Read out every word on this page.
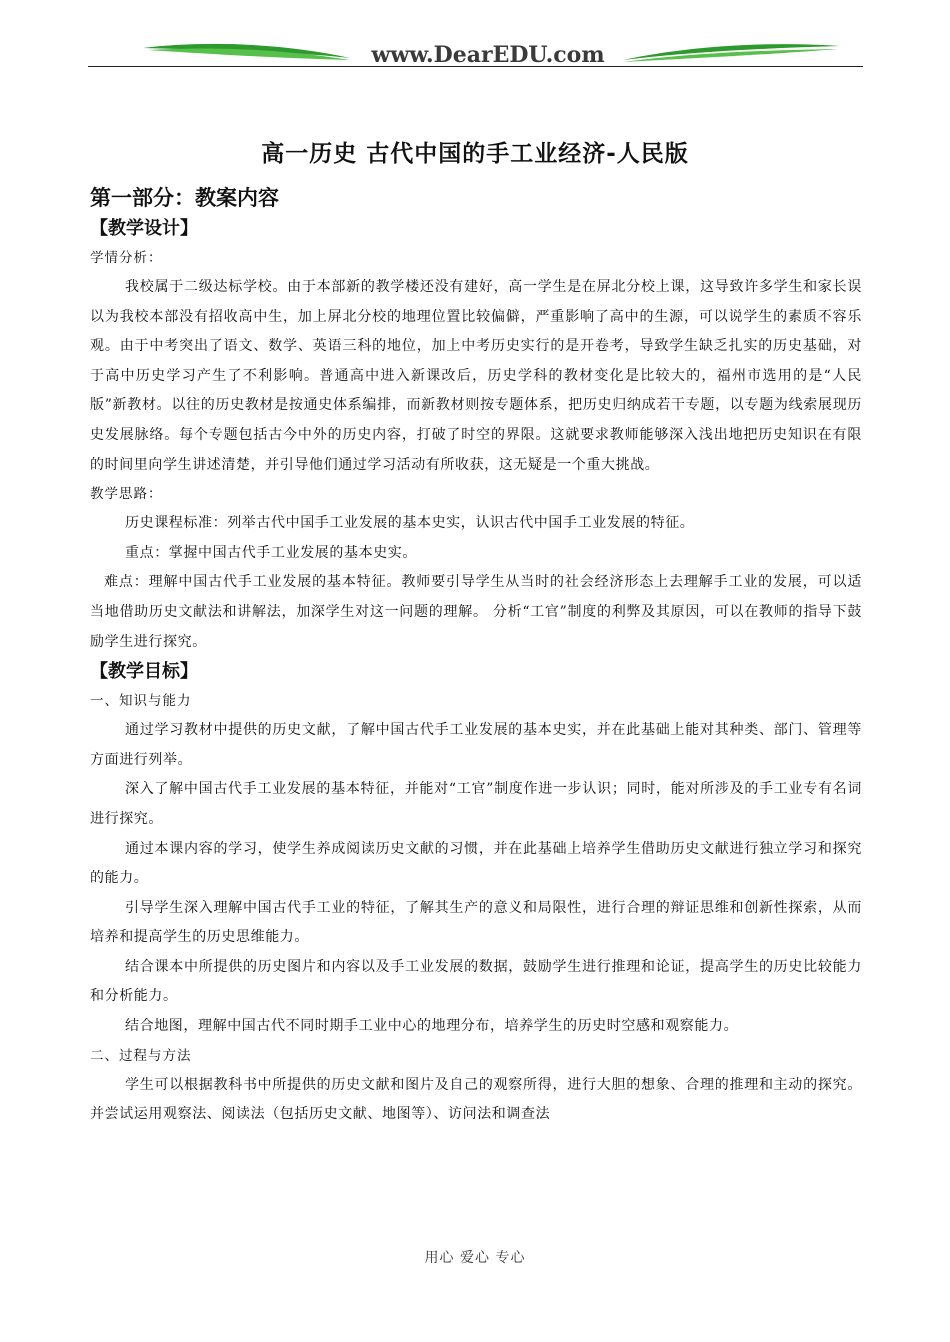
www.DearEDU.com
高一历史 古代中国的手工业经济-人民版
第一部分：教案内容
【教学设计】
学情分析：

我校属于二级达标学校。由于本部新的教学楼还没有建好，高一学生是在屏北分校上课，这导致许多学生和家长误以为我校本部没有招收高中生，加上屏北分校的地理位置比较偏僻，严重影响了高中的生源，可以说学生的素质不容乐观。由于中考突出了语文、数学、英语三科的地位，加上中考历史实行的是开卷考，导致学生缺乏扎实的历史基础，对于高中历史学习产生了不利影响。普通高中进入新课改后，历史学科的教材变化是比较大的，福州市选用的是“人民版”新教材。以往的历史教材是按通史体系编排，而新教材则按专题体系，把历史归纳成若干专题，以专题为线索展现历史发展脉络。每个专题包括古今中外的历史内容，打破了时空的界限。这就要求教师能够深入浅出地把历史知识在有限的时间里向学生讲述清楚，并引导他们通过学习活动有所收获，这无疑是一个重大挑战。

教学思路：

历史课程标准：列举古代中国手工业发展的基本史实，认识古代中国手工业发展的特征。

重点：掌握中国古代手工业发展的基本史实。

难点：理解中国古代手工业发展的基本特征。教师要引导学生从当时的社会经济形态上去理解手工业的发展，可以适当地借助历史文献法和讲解法，加深学生对这一问题的理解。 分析“工官”制度的利弊及其原因，可以在教师的指导下鼓励学生进行探究。

【教学目标】
一、知识与能力

通过学习教材中提供的历史文献，了解中国古代手工业发展的基本史实，并在此基础上能对其种类、部门、管理等方面进行列举。

深入了解中国古代手工业发展的基本特征，并能对“工官”制度作进一步认识；同时，能对所涉及的手工业专有名词进行探究。

通过本课内容的学习，使学生养成阅读历史文献的习惯，并在此基础上培养学生借助历史文献进行独立学习和探究的能力。

引导学生深入理解中国古代手工业的特征，了解其生产的意义和局限性，进行合理的辩证思维和创新性探索，从而培养和提高学生的历史思维能力。

结合课本中所提供的历史图片和内容以及手工业发展的数据，鼓励学生进行推理和论证，提高学生的历史比较能力和分析能力。

结合地图，理解中国古代不同时期手工业中心的地理分布，培养学生的历史时空感和观察能力。

二、过程与方法

学生可以根据教科书中所提供的历史文献和图片及自己的观察所得，进行大胆的想象、合理的推理和主动的探究。并尝试运用观察法、阅读法（包括历史文献、地图等）、访问法和调查法

用心 爱心 专心
